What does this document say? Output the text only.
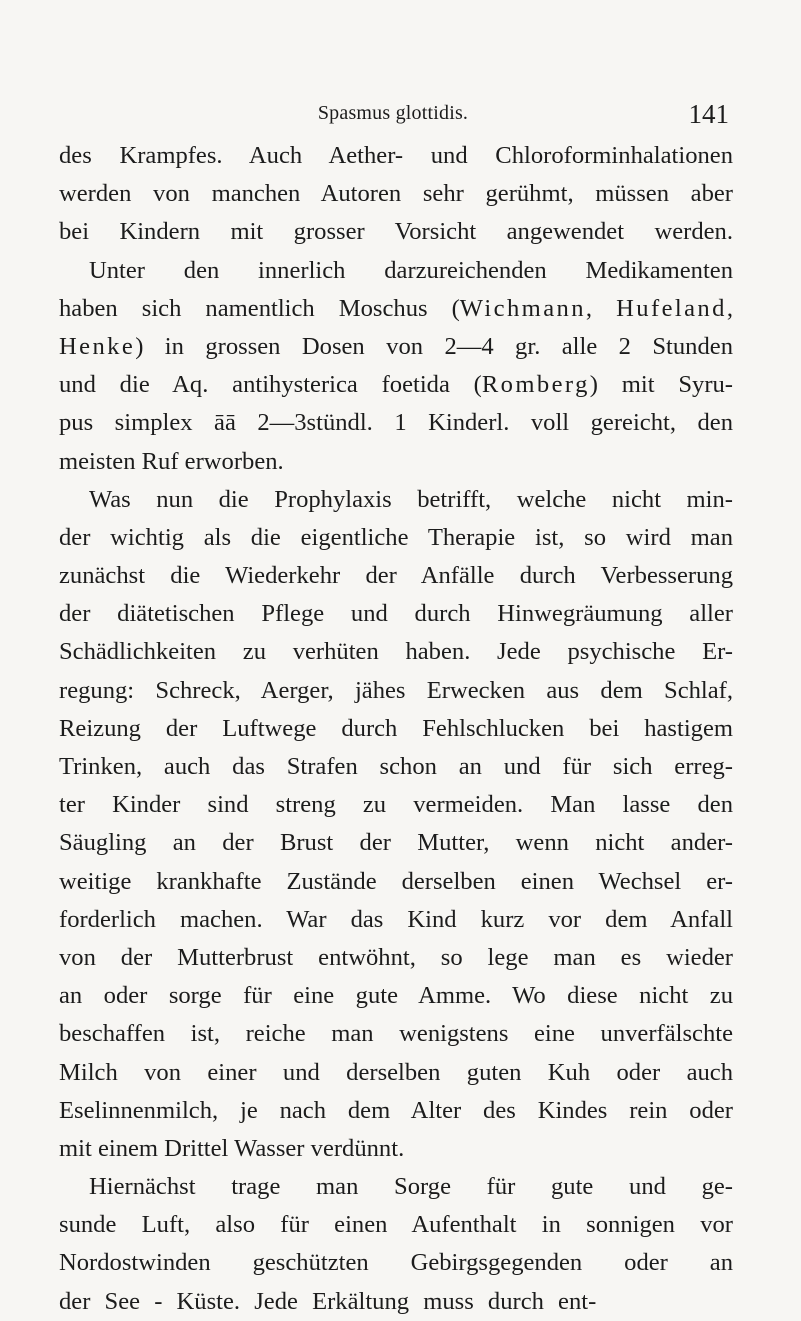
Spasmus glottidis.	141
des Krampfes. Auch Aether- und Chloroforminhalationen
werden von manchen Autoren sehr gerühmt, müssen aber
bei Kindern mit grosser Vorsicht angewendet werden.
Unter den innerlich darzureichenden Medikamenten
haben sich namentlich Moschus (Wichmann, Hufeland,
Henke) in grossen Dosen von 2—4 gr. alle 2 Stunden
und die Aq. antihysterica foetida (Romberg) mit Syru-
pus simplex āā 2—3stündl. 1 Kinderl. voll gereicht, den
meisten Ruf erworben.
Was nun die Prophylaxis betrifft, welche nicht min-
der wichtig als die eigentliche Therapie ist, so wird man
zunächst die Wiederkehr der Anfälle durch Verbesserung
der diätetischen Pflege und durch Hinwegräumung aller
Schädlichkeiten zu verhüten haben. Jede psychische Er-
regung: Schreck, Aerger, jähes Erwecken aus dem Schlaf,
Reizung der Luftwege durch Fehlschlucken bei hastigem
Trinken, auch das Strafen schon an und für sich erreg-
ter Kinder sind streng zu vermeiden. Man lasse den
Säugling an der Brust der Mutter, wenn nicht ander-
weitige krankhafte Zustände derselben einen Wechsel er-
forderlich machen. War das Kind kurz vor dem Anfall
von der Mutterbrust entwöhnt, so lege man es wieder
an oder sorge für eine gute Amme. Wo diese nicht zu
beschaffen ist, reiche man wenigstens eine unverfälschte
Milch von einer und derselben guten Kuh oder auch
Eselinnenmilch, je nach dem Alter des Kindes rein oder
mit einem Drittel Wasser verdünnt.
Hiernächst trage man Sorge für gute und ge-
sunde Luft, also für einen Aufenthalt in sonnigen vor
Nordostwinden geschützten Gebirgsgegenden oder an
der See - Küste. Jede Erkältung muss durch ent-
